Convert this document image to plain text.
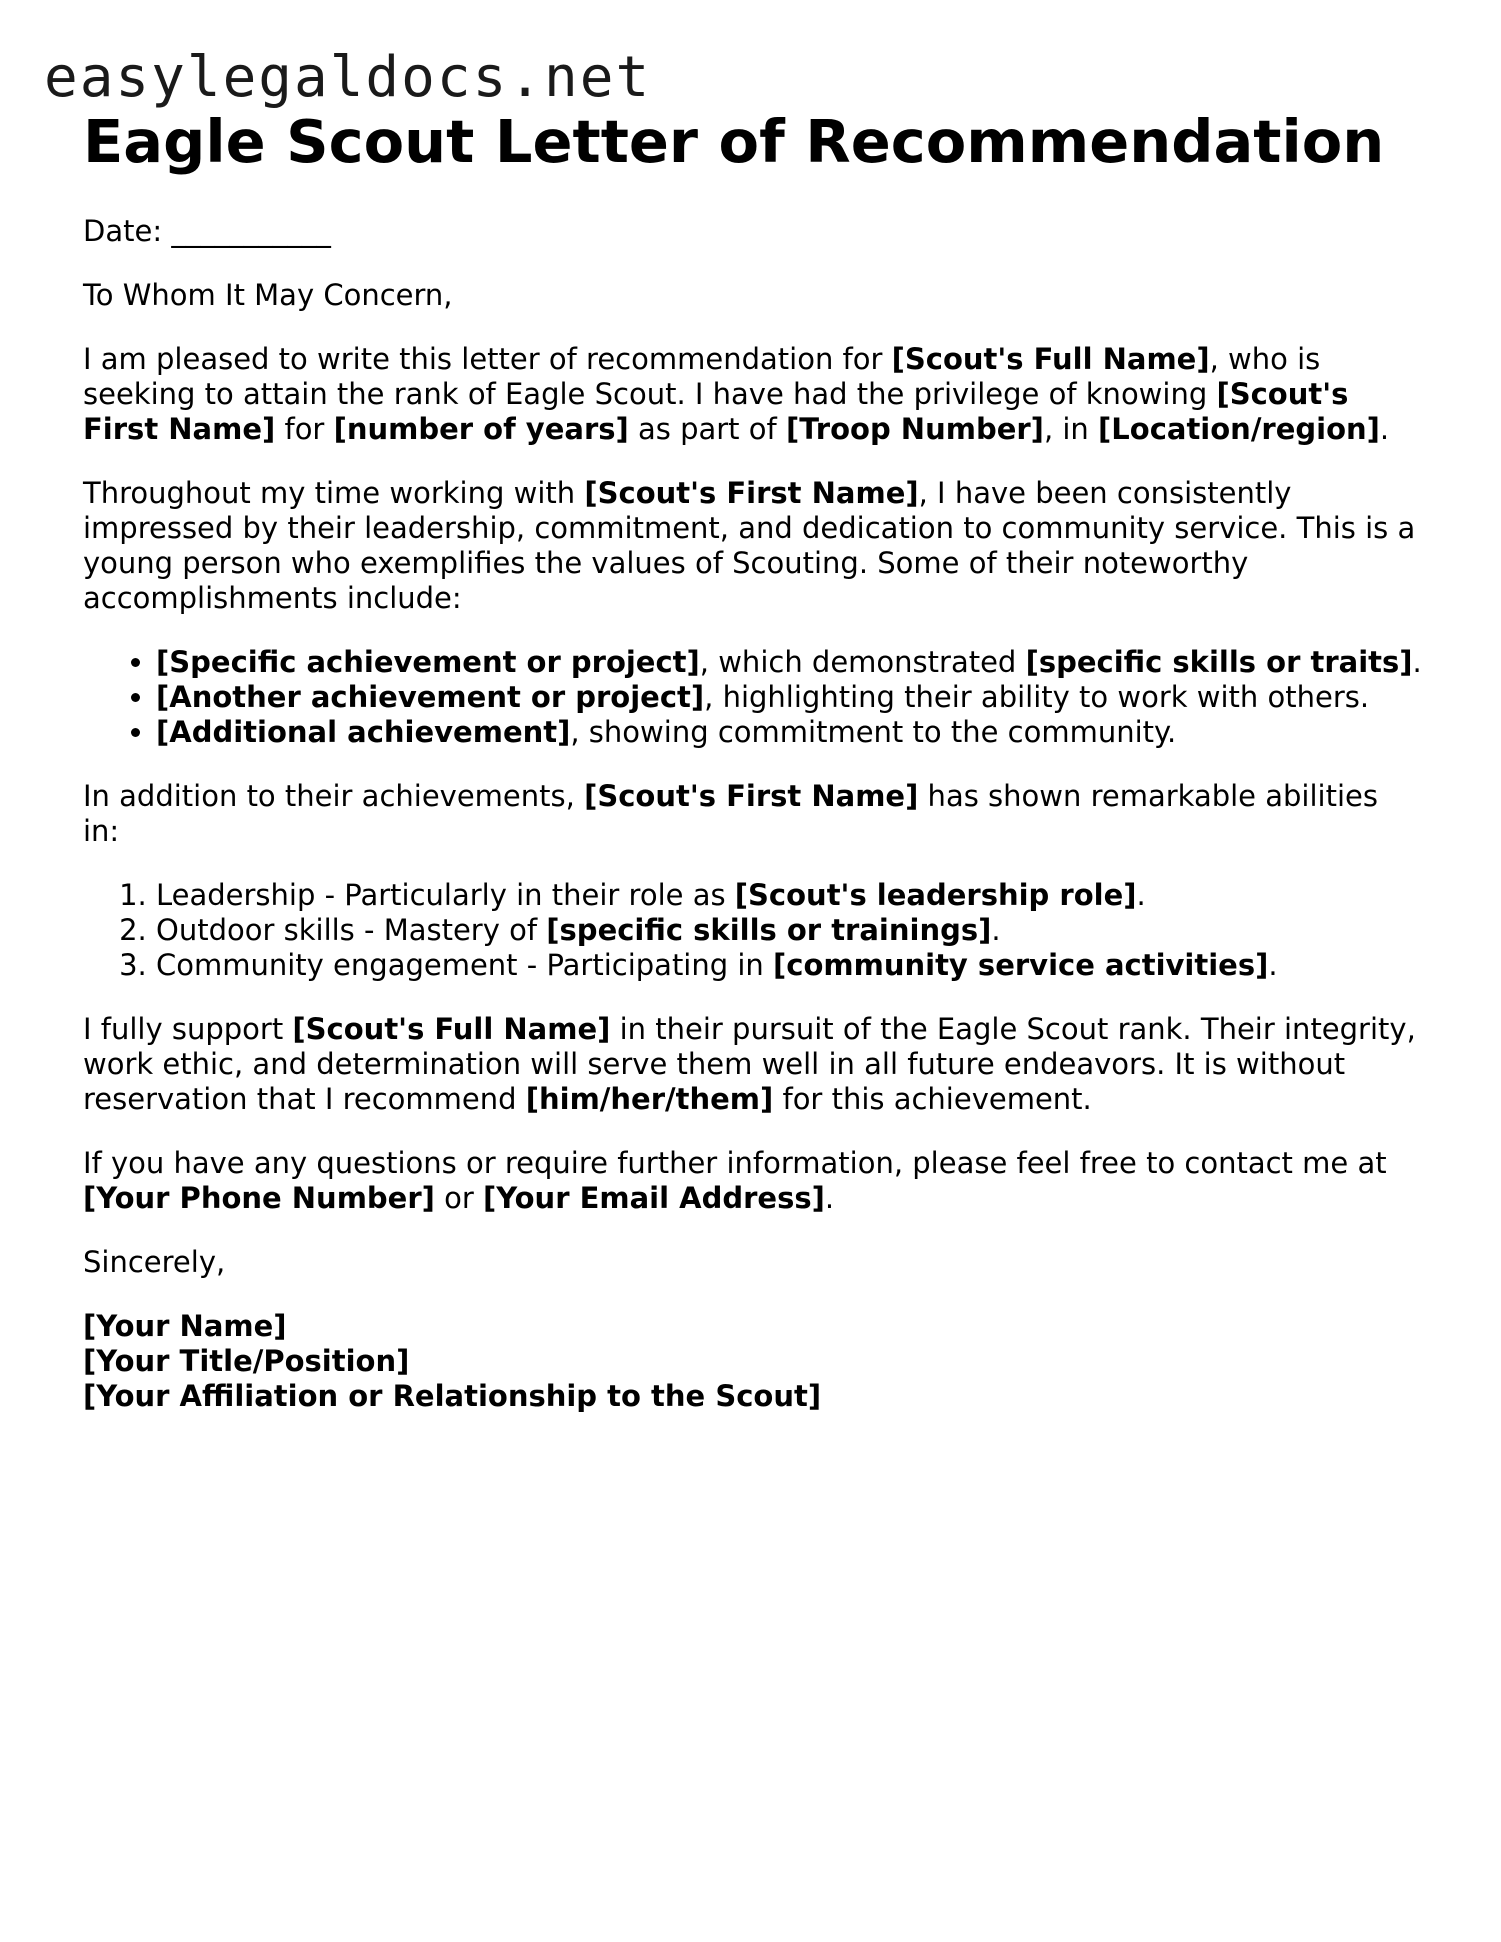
easylegaldocs.net
Eagle Scout Letter of Recommendation

Date: ___________

To Whom It May Concern,

I am pleased to write this letter of recommendation for [Scout's Full Name], who is seeking to attain the rank of Eagle Scout. I have had the privilege of knowing [Scout's First Name] for [number of years] as part of [Troop Number], in [Location/region].

Throughout my time working with [Scout's First Name], I have been consistently impressed by their leadership, commitment, and dedication to community service. This is a young person who exemplifies the values of Scouting. Some of their noteworthy accomplishments include:

• [Specific achievement or project], which demonstrated [specific skills or traits].
• [Another achievement or project], highlighting their ability to work with others.
• [Additional achievement], showing commitment to the community.

In addition to their achievements, [Scout's First Name] has shown remarkable abilities in:

1. Leadership - Particularly in their role as [Scout's leadership role].
2. Outdoor skills - Mastery of [specific skills or trainings].
3. Community engagement - Participating in [community service activities].

I fully support [Scout's Full Name] in their pursuit of the Eagle Scout rank. Their integrity, work ethic, and determination will serve them well in all future endeavors. It is without reservation that I recommend [him/her/them] for this achievement.

If you have any questions or require further information, please feel free to contact me at [Your Phone Number] or [Your Email Address].

Sincerely,

[Your Name]
[Your Title/Position]
[Your Affiliation or Relationship to the Scout]
